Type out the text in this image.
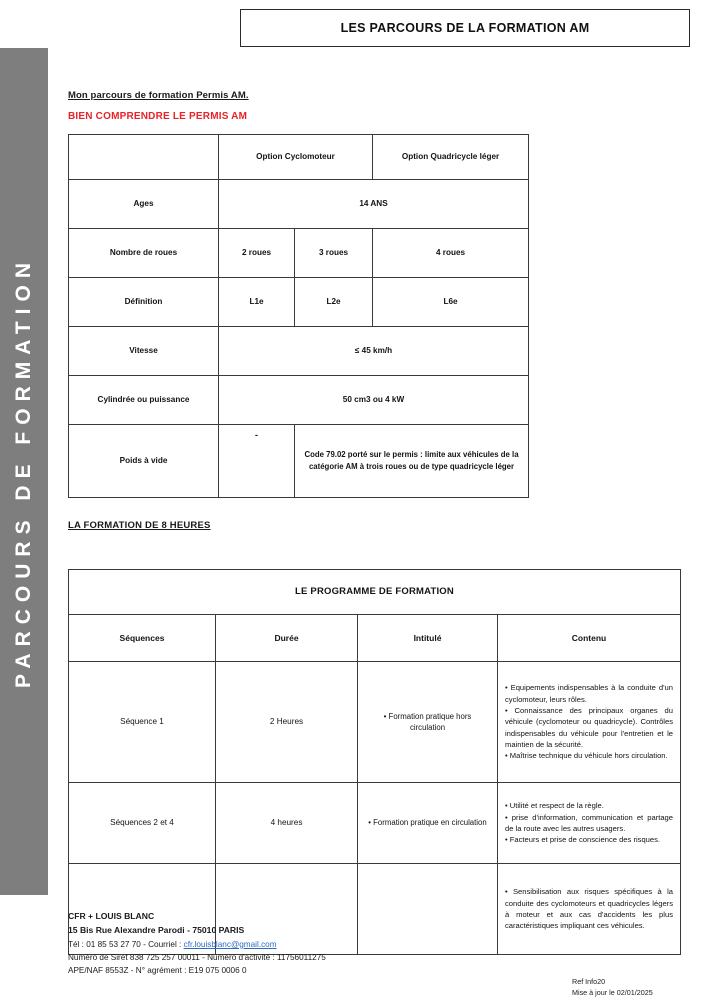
PARCOURS DE FORMATION
LES PARCOURS DE LA FORMATION AM

Mon parcours de formation Permis AM.

BIEN COMPRENDRE LE PERMIS AM

	Option Cyclomoteur		Option Quadricycle léger
Ages	14 ANS		
Nombre de roues	2 roues	3 roues	4 roues
Définition	L1e	L2e	L6e
Vitesse	≤ 45 km/h		
Cylindrée ou puissance	50 cm3 ou 4 kW		
Poids à vide	-	Code 79.02 porté sur le permis : limite aux véhicules de la catégorie AM à trois roues ou de type quadricycle léger	

LA FORMATION DE 8 HEURES

LE PROGRAMME DE FORMATION			
Séquences	Durée	Intitulé	Contenu
Séquence 1	2 Heures	• Formation pratique hors circulation	• Equipements indispensables à la conduite d'un cyclomoteur, leurs rôles.

• Connaissance des principaux organes du véhicule (cyclomoteur ou quadricycle). Contrôles indispensables du véhicule pour l'entretien et le maintien de la sécurité.

• Maîtrise technique du véhicule hors circulation.

Séquences 2 et 4	4 heures	• Formation pratique en circulation	• Utilité et respect de la règle.

• prise d'information, communication et partage de la route avec les autres usagers.

• Facteurs et prise de conscience des risques.

			• Sensibilisation aux risques spécifiques à la conduite des cyclomoteurs et quadricycles légers à moteur et aux cas d'accidents les plus caractéristiques impliquant ces véhicules.

CFR + LOUIS BLANC
15 Bis Rue Alexandre Parodi - 75010 PARIS
Tél : 01 85 53 27 70 - Courriel : cfr.louisblanc@gmail.com
Numéro de Siret 838 725 257 00011 - Numéro d'activité : 11756011275
APE/NAF 8553Z - N° agrément : E19 075 0006 0
Ref Info20
Mise à jour le 02/01/2025
